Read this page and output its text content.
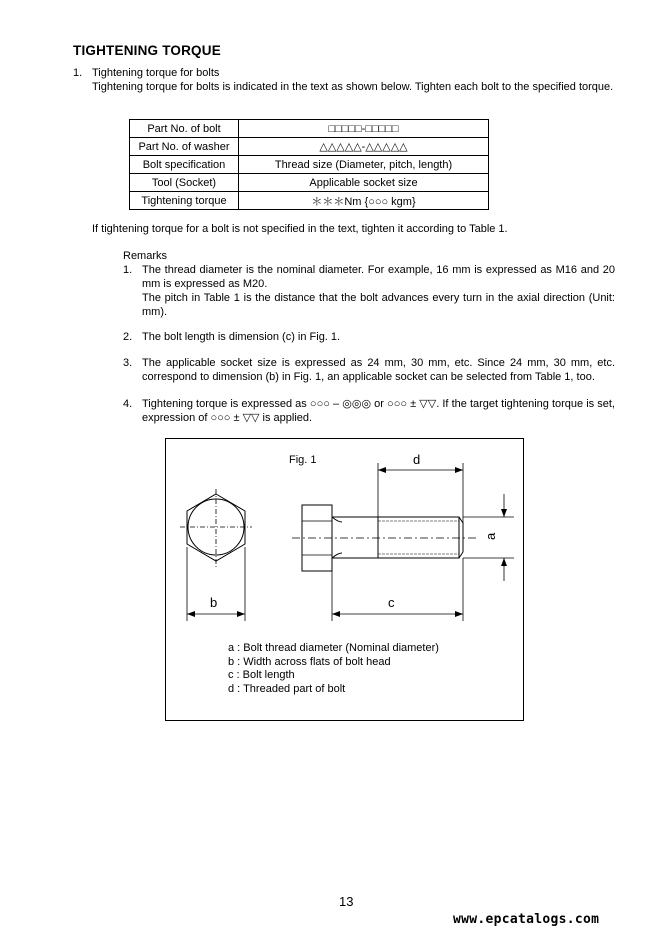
TIGHTENING TORQUE
1. Tightening torque for bolts
Tightening torque for bolts is indicated in the text as shown below. Tighten each bolt to the specified torque.
Part No. of bolt	□□□□□-□□□□□
Part No. of washer	△△△△△-△△△△△
Bolt specification	Thread size (Diameter, pitch, length)
Tool (Socket)	Applicable socket size
Tightening torque	＊＊＊Nm {○○○ kgm}
If tightening torque for a bolt is not specified in the text, tighten it according to Table 1.
Remarks
1. The thread diameter is the nominal diameter. For example, 16 mm is expressed as M16 and 20 mm is expressed as M20.
The pitch in Table 1 is the distance that the bolt advances every turn in the axial direction (Unit: mm).
2. The bolt length is dimension (c) in Fig. 1.
3. The applicable socket size is expressed as 24 mm, 30 mm, etc. Since 24 mm, 30 mm, etc. correspond to dimension (b) in Fig. 1, an applicable socket can be selected from Table 1, too.
4. Tightening torque is expressed as ○○○ – ◎◎◎ or ○○○ ± ▽▽. If the target tightening torque is set, expression of ○○○ ± ▽▽ is applied.
Fig. 1	d
b	c
a
a : Bolt thread diameter (Nominal diameter)
b : Width across flats of bolt head
c : Bolt length
d : Threaded part of bolt
13
www.epcatalogs.com
